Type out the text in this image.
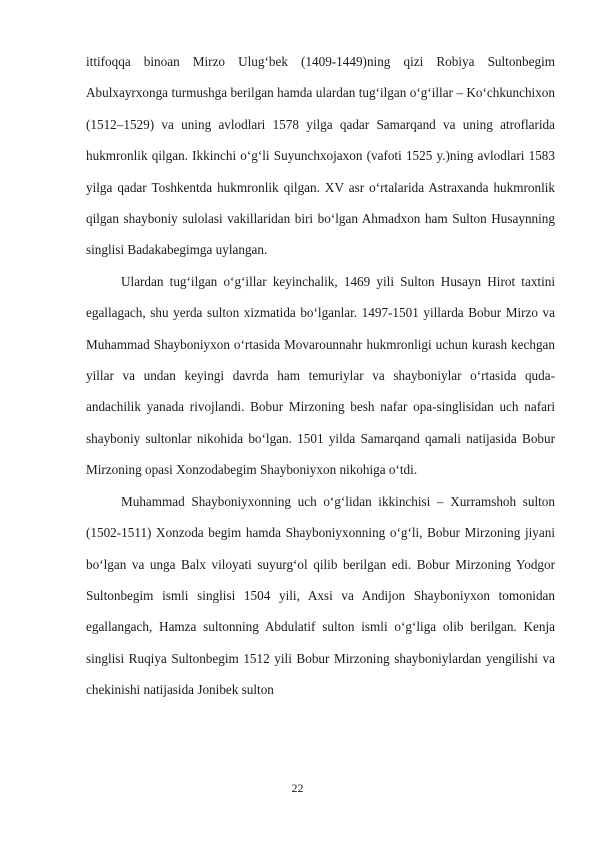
ittifoqqa binoan Mirzo Ulugʻbek (1409-1449)ning qizi Robiya Sultonbegim Abulxayrxonga turmushga berilgan hamda ulardan tugʻilgan oʻgʻillar – Koʻchkunchixon (1512–1529) va uning avlodlari 1578 yilga qadar Samarqand va uning atroflarida hukmronlik qilgan. Ikkinchi oʻgʻli Suyunchxojaxon (vafoti 1525 y.)ning avlodlari 1583 yilga qadar Toshkentda hukmronlik qilgan. XV asr oʻrtalarida Astraxanda hukmronlik qilgan shayboniy sulolasi vakillaridan biri boʻlgan Ahmadxon ham Sulton Husaynning singlisi Badakabegimga uylangan.

Ulardan tugʻilgan oʻgʻillar keyinchalik, 1469 yili Sulton Husayn Hirot taxtini egallagach, shu yerda sulton xizmatida boʻlganlar. 1497-1501 yillarda Bobur Mirzo va Muhammad Shayboniyxon oʻrtasida Movarounnahr hukmronligi uchun kurash kechgan yillar va undan keyingi davrda ham temuriylar va shayboniylar oʻrtasida quda-andachilik yanada rivojlandi. Bobur Mirzoning besh nafar opa-singlisidan uch nafari shayboniy sultonlar nikohida boʻlgan. 1501 yilda Samarqand qamali natijasida Bobur Mirzoning opasi Xonzodabegim Shayboniyxon nikohiga oʻtdi.

Muhammad Shayboniyxonning uch oʻgʻlidan ikkinchisi – Xurramshoh sulton (1502-1511) Xonzoda begim hamda Shayboniyxonning oʻgʻli, Bobur Mirzoning jiyani boʻlgan va unga Balx viloyati suyurgʻol qilib berilgan edi. Bobur Mirzoning Yodgor Sultonbegim ismli singlisi 1504 yili, Axsi va Andijon Shayboniyxon tomonidan egallangach, Hamza sultonning Abdulatif sulton ismli oʻgʻliga olib berilgan. Kenja singlisi Ruqiya Sultonbegim 1512 yili Bobur Mirzoning shayboniylardan yengilishi va chekinishi natijasida Jonibek sulton

22
